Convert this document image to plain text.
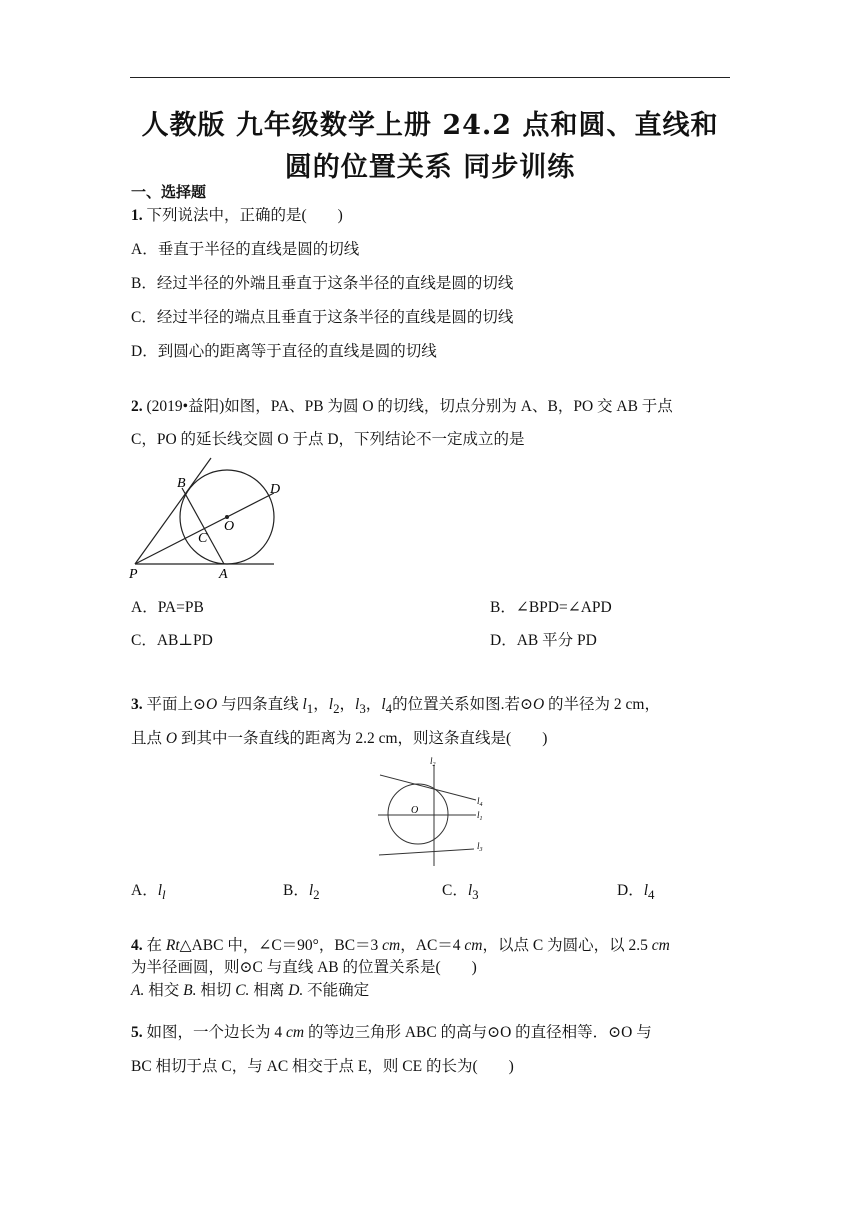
人教版 九年级数学上册 24.2 点和圆、直线和
圆的位置关系 同步训练
一、选择题
1. 下列说法中，正确的是(　　)
A．垂直于半径的直线是圆的切线
B．经过半径的外端且垂直于这条半径的直线是圆的切线
C．经过半径的端点且垂直于这条半径的直线是圆的切线
D．到圆心的距离等于直径的直线是圆的切线
2. (2019•益阳)如图，PA、PB 为圆 O 的切线，切点分别为 A、B，PO 交 AB 于点
C，PO 的延长线交圆 O 于点 D，下列结论不一定成立的是
B	D
O
C
P	A
A．PA=PB	B．∠BPD=∠APD
C．AB⊥PD	D．AB 平分 PD
3. 平面上⊙O 与四条直线 $l_1$，$l_2$，$l_3$，$l_4$的位置关系如图.若⊙O 的半径为 2 cm，
且点 O 到其中一条直线的距离为 2.2 cm，则这条直线是(　　)
$l_2$
$l_4$
$l_1$
$l_3$
O
A．$l_l$	B．$l_2$	C．$l_3$	D．$l_4$
4. 在 Rt△ABC 中，∠C＝90°，BC＝3 cm，AC＝4 cm，以点 C 为圆心，以 2.5 cm
为半径画圆，则⊙C 与直线 AB 的位置关系是(　　)
A. 相交 B. 相切 C. 相离 D. 不能确定
5. 如图，一个边长为 4 cm 的等边三角形 ABC 的高与⊙O 的直径相等．⊙O 与
BC 相切于点 C，与 AC 相交于点 E，则 CE 的长为(　　)
